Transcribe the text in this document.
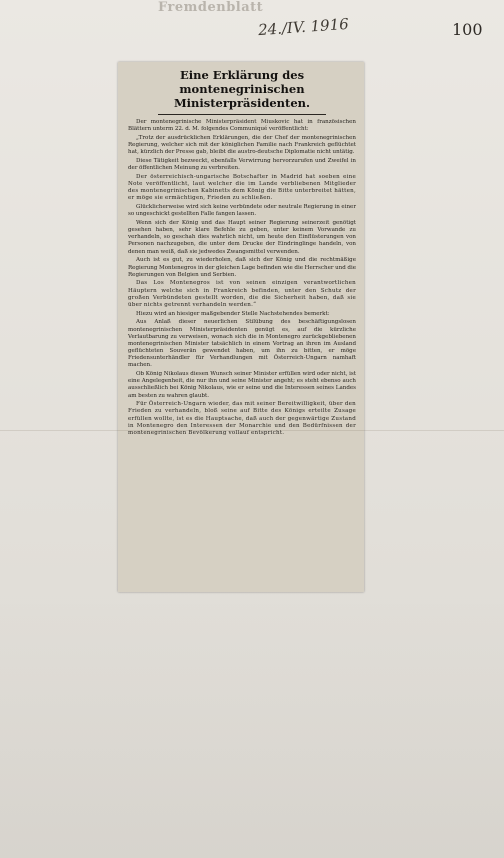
Fremdenblatt
24./IV. 1916	100
Eine Erklärung des montenegrinischen
Ministerpräsidenten.

Der montenegrinische Ministerpräsident Miuskovic hat in französischen Blättern unterm 22. d. M. folgendes Communiqué veröffentlicht:

„Trotz der ausdrücklichen Erklärungen, die der Chef der montenegrinischen Regierung, welcher sich mit der königlichen Familie nach Frankreich geflüchtet hat, kürzlich der Presse gab, bleibt die austro-deutsche Diplomatie nicht untätig.

Diese Tätigkeit bezweckt, ebenfalls Verwirrung hervorzurufen und Zweifel in der öffentlichen Meinung zu verbreiten.

Der österreichisch-ungarische Botschafter in Madrid hat soeben eine Note veröffentlicht, laut welcher die im Lande verbliebenen Mitglieder des montenegrinischen Kabinetts dem König die Bitte unterbreitet hätten, er möge sie ermächtigen, Frieden zu schließen.

Glücklicherweise wird sich keine verbündete oder neutrale Regierung in einer so ungeschickt gestellten Falle fangen lassen.

Wenn sich der König und das Haupt seiner Regierung seinerzeit genötigt gesehen haben, sehr klare Befehle zu geben, unter keinem Vorwande zu verhandeln, so geschah dies wahrlich nicht, um heute den Einflüsterungen von Personen nachzugeben, die unter dem Drucke der Eindringlinge handeln, von denen man weiß, daß sie jedwedes Zwangsmittel verwenden.

Auch ist es gut, zu wiederholen, daß sich der König und die rechtmäßige Regierung Montenegros in der gleichen Lage befinden wie die Herrscher und die Regierungen von Belgien und Serbien.

Das Los Montenegros ist von seinen einzigen verantwortlichen Häuptern welche sich in Frankreich befinden, unter den Schutz der großen Verbündeten gestellt worden, die die Sicherheit haben, daß sie über nichts getrennt verhandeln werden.“

Hiezu wird an hiesiger maßgebender Stelle Nachstehendes bemerkt:

Aus Anlaß dieser neuerlichen Stilübung des beschäftigungslosen montenegrinischen Ministerpräsidenten genügt es, auf die kürzliche Verlautbarung zu verweisen, wonach sich die in Montenegro zurückgebliebenen montenegrinischen Minister tatsächlich in einem Vortrag an ihren im Ausland geflüchteten Souverän gewendet haben, um ihn zu bitten, er möge Friedensunterhändler für Verhandlungen mit Österreich-Ungarn namhaft machen.

Ob König Nikolaus diesen Wunsch seiner Minister erfüllen wird oder nicht, ist eine Angelegenheit, die nur ihn und seine Minister angeht; es steht ebenso auch ausschließlich bei König Nikolaus, wie er seine und die Interessen seines Landes am besten zu wahren glaubt.

Für Österreich-Ungarn wieder, das mit seiner Bereitwilligkeit, über den Frieden zu verhandeln, bloß seine auf Bitte des Königs erteilte Zusage erfüllen wollte, ist es die Hauptsache, daß auch der gegenwärtige Zustand in Montenegro den Interessen der Monarchie und den Bedürfnissen der montenegrinischen Bevölkerung vollauf entspricht.
